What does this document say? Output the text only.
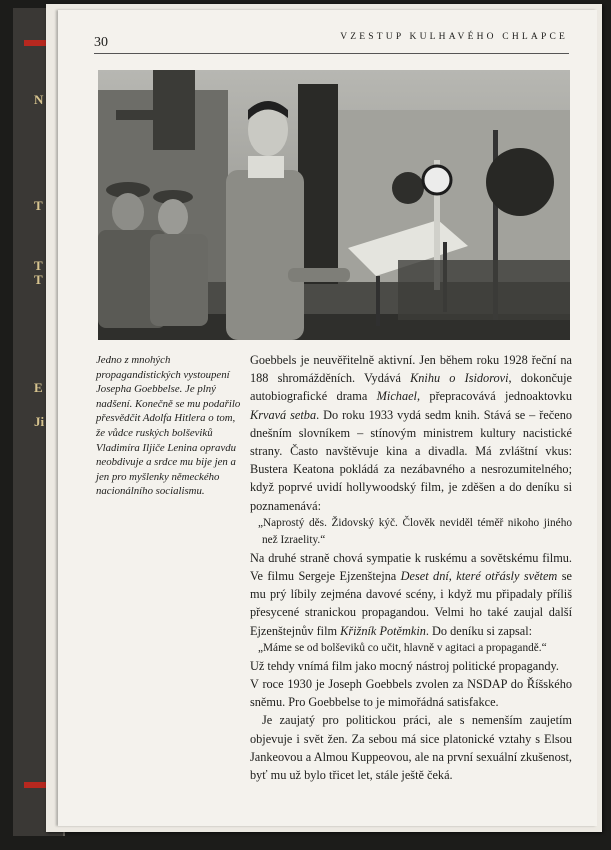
N
T
T
T
E
Ji
30	VZESTUP KULHAVÉHO CHLAPCE
Jedno z mnohých propagandistických vystoupení Josepha Goebbelse. Je plný nadšení. Konečně se mu podařilo přesvědčit Adolfa Hitlera o tom, že vůdce ruských bolševiků Vladimíra Iljiče Lenina opravdu neobdivuje a srdce mu bije jen a jen pro myšlenky německého nacionálního socialismu.

Goebbels je neuvěřitelně aktivní. Jen během roku 1928 řeční na 188 shromážděních. Vydává Knihu o Isidorovi, dokončuje autobiografické drama Michael, přepracovává jednoaktovku Krvavá setba. Do roku 1933 vydá sedm knih. Stává se – řečeno dnešním slovníkem – stínovým ministrem kultury nacistické strany. Často navštěvuje kina a divadla. Má zvláštní vkus: Bustera Keatona pokládá za nezábavného a nesrozumitelného; když poprvé uvidí hollywoodský film, je zděšen a do deníku si poznamenává:

„Naprostý děs. Židovský kýč. Člověk neviděl téměř nikoho jiného než Izraelity.“

Na druhé straně chová sympatie k ruskému a sovětskému filmu. Ve filmu Sergeje Ejzenštejna Deset dní, které otřásly světem se mu prý líbily zejména davové scény, i když mu připadaly příliš přesycené stranickou propagandou. Velmi ho také zaujal další Ejzenštejnův film Křižník Potěmkin. Do deníku si zapsal:

„Máme se od bolševiků co učit, hlavně v agitaci a propagandě.“

Už tehdy vnímá film jako mocný nástroj politické propagandy.

V roce 1930 je Joseph Goebbels zvolen za NSDAP do Říšského sněmu. Pro Goebbelse to je mimořádná satisfakce.

Je zaujatý pro politickou práci, ale s nemenším zaujetím objevuje i svět žen. Za sebou má sice platonické vztahy s Elsou Jankeovou a Almou Kuppeovou, ale na první sexuální zkušenost, byť mu už bylo třicet let, stále ještě čeká.
